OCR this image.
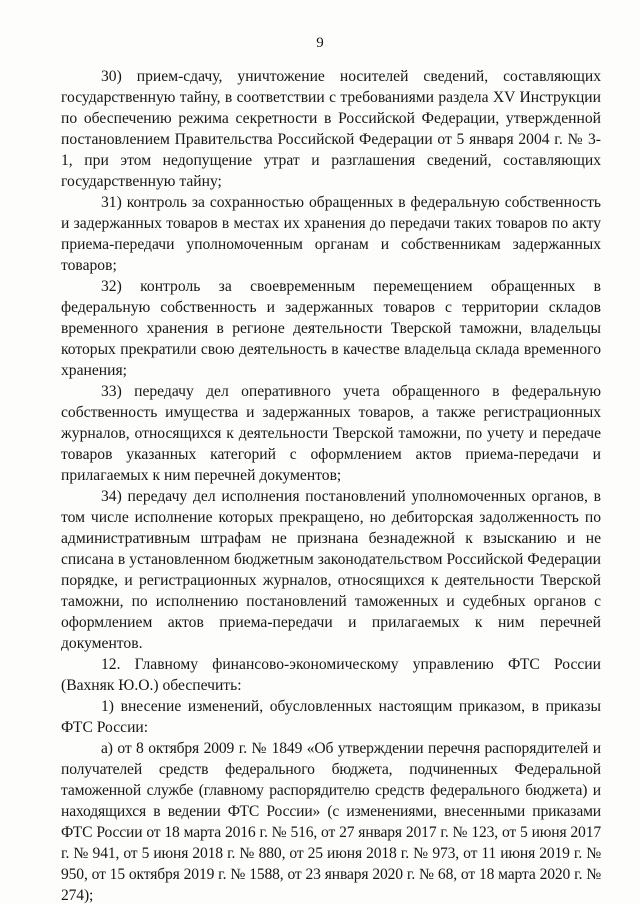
9

30) прием-сдачу, уничтожение носителей сведений, составляющих государственную тайну, в соответствии с требованиями раздела XV Инструкции по обеспечению режима секретности в Российской Федерации, утвержденной постановлением Правительства Российской Федерации от 5 января 2004 г. № 3-1, при этом недопущение утрат и разглашения сведений, составляющих государственную тайну;

31) контроль за сохранностью обращенных в федеральную собственность и задержанных товаров в местах их хранения до передачи таких товаров по акту приема-передачи уполномоченным органам и собственникам задержанных товаров;

32) контроль за своевременным перемещением обращенных в федеральную собственность и задержанных товаров с территории складов временного хранения в регионе деятельности Тверской таможни, владельцы которых прекратили свою деятельность в качестве владельца склада временного хранения;

33) передачу дел оперативного учета обращенного в федеральную собственность имущества и задержанных товаров, а также регистрационных журналов, относящихся к деятельности Тверской таможни, по учету и передаче товаров указанных категорий с оформлением актов приема-передачи и прилагаемых к ним перечней документов;

34) передачу дел исполнения постановлений уполномоченных органов, в том числе исполнение которых прекращено, но дебиторская задолженность по административным штрафам не признана безнадежной к взысканию и не списана в установленном бюджетным законодательством Российской Федерации порядке, и регистрационных журналов, относящихся к деятельности Тверской таможни, по исполнению постановлений таможенных и судебных органов с оформлением актов приема-передачи и прилагаемых к ним перечней документов.

12. Главному финансово-экономическому управлению ФТС России (Вахняк Ю.О.) обеспечить:

1) внесение изменений, обусловленных настоящим приказом, в приказы ФТС России:

а) от 8 октября 2009 г. № 1849 «Об утверждении перечня распорядителей и получателей средств федерального бюджета, подчиненных Федеральной таможенной службе (главному распорядителю средств федерального бюджета) и находящихся в ведении ФТС России» (с изменениями, внесенными приказами ФТС России от 18 марта 2016 г. № 516, от 27 января 2017 г. № 123, от 5 июня 2017 г. № 941, от 5 июня 2018 г. № 880, от 25 июня 2018 г. № 973, от 11 июня 2019 г. № 950, от 15 октября 2019 г. № 1588, от 23 января 2020 г. № 68, от 18 марта 2020 г. № 274);
